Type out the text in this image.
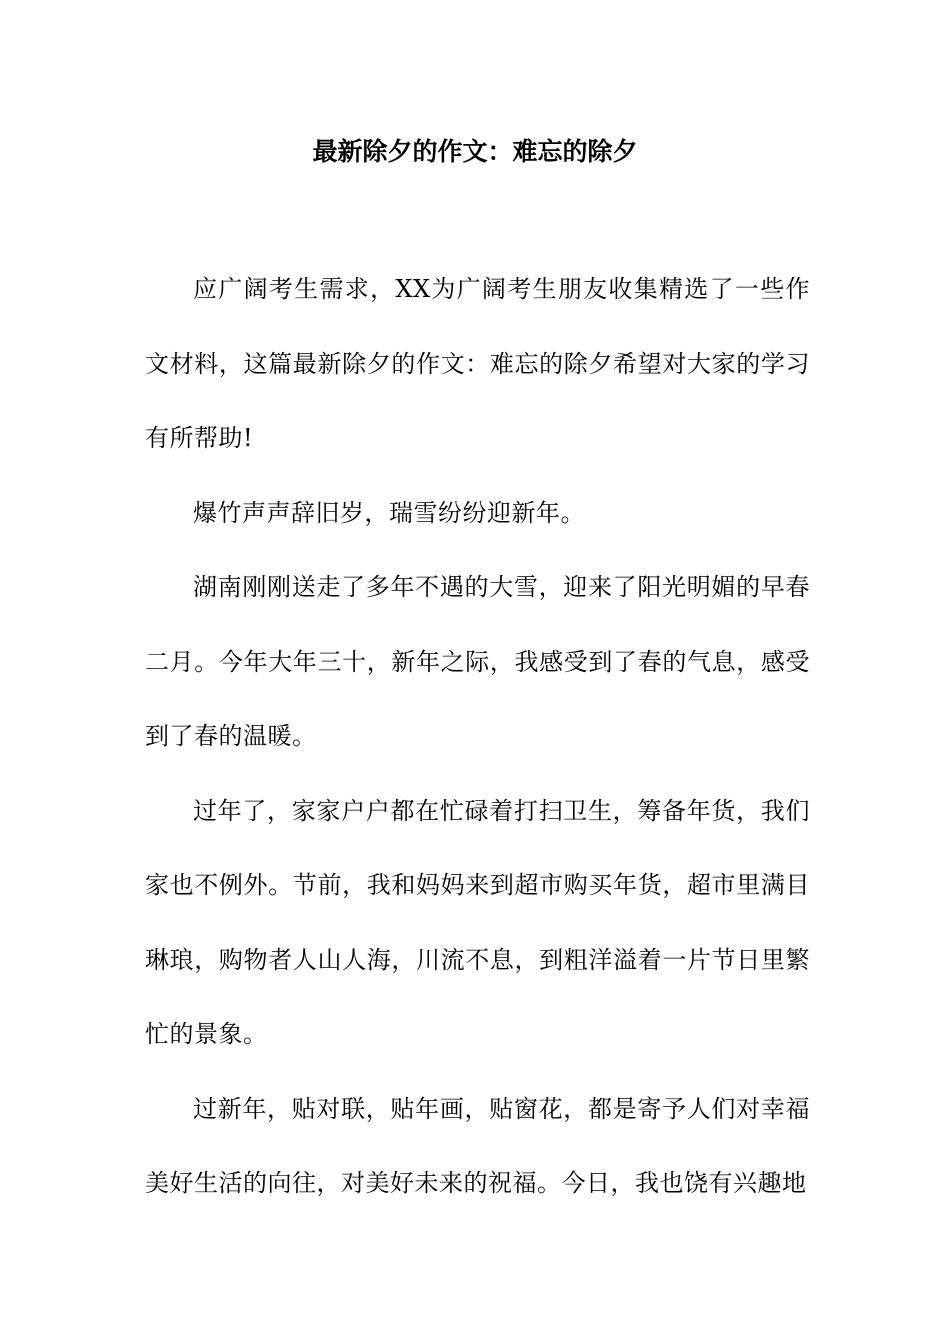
最新除夕的作文：难忘的除夕

应广阔考生需求，XX为广阔考生朋友收集精选了一些作文材料，这篇最新除夕的作文：难忘的除夕希望对大家的学习有所帮助!

爆竹声声辞旧岁，瑞雪纷纷迎新年。

湖南刚刚送走了多年不遇的大雪，迎来了阳光明媚的早春二月。今年大年三十，新年之际，我感受到了春的气息，感受到了春的温暖。

过年了，家家户户都在忙碌着打扫卫生，筹备年货，我们家也不例外。节前，我和妈妈来到超市购买年货，超市里满目琳琅，购物者人山人海，川流不息，到粗洋溢着一片节日里繁忙的景象。

过新年，贴对联，贴年画，贴窗花，都是寄予人们对幸福美好生活的向往，对美好未来的祝福。今日，我也饶有兴趣地
